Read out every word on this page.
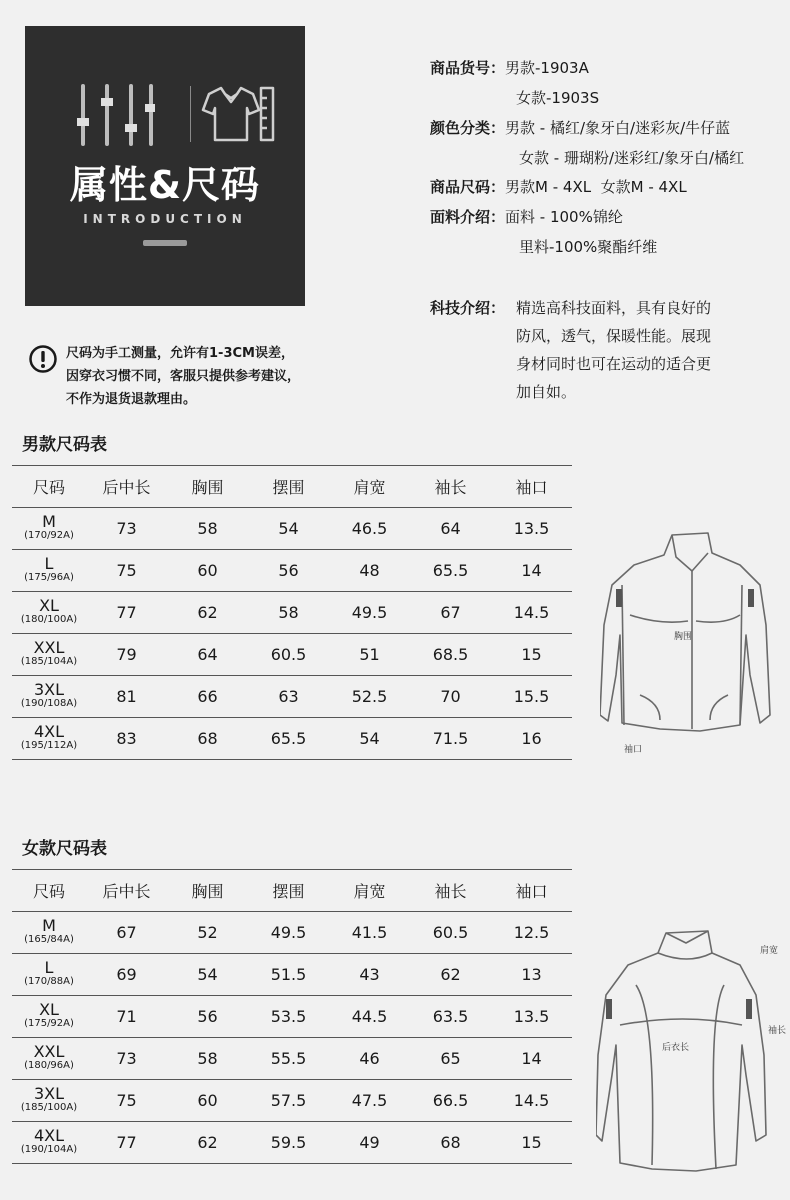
属性&尺码
INTRODUCTION
商品货号：男款-1903A
女款-1903S
颜色分类：男款 - 橘红/象牙白/迷彩灰/牛仔蓝
女款 - 珊瑚粉/迷彩红/象牙白/橘红
商品尺码：男款M - 4XL  女款M - 4XL
面料介绍：面料 - 100%锦纶
里料-100%聚酯纤维
科技介绍： 精选高科技面料，具有良好的
防风，透气，保暖性能。展现
身材同时也可在运动的适合更
加自如。
尺码为手工测量，允许有1-3CM误差，
因穿衣习惯不同，客服只提供参考建议，
不作为退货退款理由。
男款尺码表
尺码	后中长	胸围	摆围	肩宽	袖长	袖口

M
(170/92A)	73	58	54	46.5	64	13.5

L
(175/96A)	75	60	56	48	65.5	14

XL
(180/100A)	77	62	58	49.5	67	14.5

XXL
(185/104A)	79	64	60.5	51	68.5	15

3XL
(190/108A)	81	66	63	52.5	70	15.5

4XL
(195/112A)	83	68	65.5	54	71.5	16
胸围
袖口
女款尺码表
尺码	后中长	胸围	摆围	肩宽	袖长	袖口

M
(165/84A)	67	52	49.5	41.5	60.5	12.5

L
(170/88A)	69	54	51.5	43	62	13

XL
(175/92A)	71	56	53.5	44.5	63.5	13.5

XXL
(180/96A)	73	58	55.5	46	65	14

3XL
(185/100A)	75	60	57.5	47.5	66.5	14.5

4XL
(190/104A)	77	62	59.5	49	68	15
肩宽
袖长
后衣长
